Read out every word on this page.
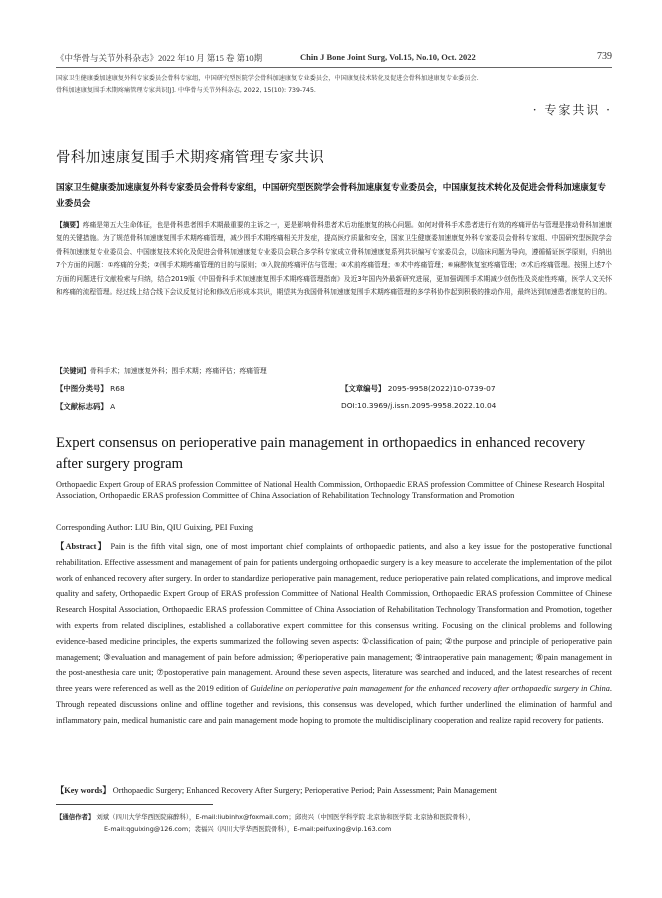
《中华骨与关节外科杂志》2022 年10 月 第15 卷 第10期	Chin J Bone Joint Surg, Vol.15, No.10, Oct. 2022	739
国家卫生健康委加速康复外科专家委员会骨科专家组，中国研究型医院学会骨科加速康复专业委员会，中国康复技术转化及促进会骨科加速康复专业委员会.
骨科加速康复围手术期疼痛管理专家共识[J]. 中华骨与关节外科杂志, 2022, 15(10): 739-745.
· 专家共识 ·
骨科加速康复围手术期疼痛管理专家共识
国家卫生健康委加速康复外科专家委员会骨科专家组，中国研究型医院学会骨科加速康复专业委员会，中国康复技术转化及促进会骨科加速康复专业委员会
【摘要】疼痛是第五大生命体征，也是骨科患者围手术期最重要的主诉之一，更是影响骨科患者术后功能康复的核心问题。如何对骨科手术患者进行有效的疼痛评估与管理是推动骨科加速康复的关键措施。为了规范骨科加速康复围手术期疼痛管理，减少围手术期疼痛相关并发症，提高医疗质量和安全，国家卫生健康委加速康复外科专家委员会骨科专家组、中国研究型医院学会骨科加速康复专业委员会、中国康复技术转化及促进会骨科加速康复专业委员会联合多学科专家成立骨科加速康复系列共识编写专家委员会，以临床问题为导向，遵循循证医学原则，归纳出7个方面的问题：①疼痛的分类；②围手术期疼痛管理的目的与原则；③入院前疼痛评估与管理；④术前疼痛管理；⑤术中疼痛管理；⑥麻醉恢复室疼痛管理；⑦术后疼痛管理。按照上述7个方面的问题进行文献检索与归纳，结合2019版《中国骨科手术加速康复围手术期疼痛管理指南》及近3年国内外最新研究进展，更加强调围手术期减少创伤性及炎症性疼痛，医学人文关怀和疼痛的流程管理。经过线上结合线下会议反复讨论和修改后形成本共识，期望其为我国骨科加速康复围手术期疼痛管理的多学科协作起到积极的推动作用，最终达到加速患者康复的目的。
【关键词】骨科手术；加速康复外科；围手术期；疼痛评估；疼痛管理
【中图分类号】 R68	【文章编号】 2095-9958(2022)10-0739-07
【文献标志码】 A	DOI:10.3969/j.issn.2095-9958.2022.10.04
Expert consensus on perioperative pain management in orthopaedics in enhanced recovery after surgery program
Orthopaedic Expert Group of ERAS profession Committee of National Health Commission, Orthopaedic ERAS profession Committee of Chinese Research Hospital Association, Orthopaedic ERAS profession Committee of China Association of Rehabilitation Technology Transformation and Promotion
Corresponding Author: LIU Bin, QIU Guixing, PEI Fuxing
【Abstract】 Pain is the fifth vital sign, one of most important chief complaints of orthopaedic patients, and also a key issue for the postoperative functional rehabilitation. Effective assessment and management of pain for patients undergoing orthopaedic surgery is a key measure to accelerate the implementation of the pilot work of enhanced recovery after surgery. In order to standardize perioperative pain management, reduce perioperative pain related complications, and improve medical quality and safety, Orthopaedic Expert Group of ERAS profession Committee of National Health Commission, Orthopaedic ERAS profession Committee of Chinese Research Hospital Association, Orthopaedic ERAS profession Committee of China Association of Rehabilitation Technology Transformation and Promotion, together with experts from related disciplines, established a collaborative expert committee for this consensus writing. Focusing on the clinical problems and following evidence-based medicine principles, the experts summarized the following seven aspects: ①classification of pain; ②the purpose and principle of perioperative pain management; ③evaluation and management of pain before admission; ④perioperative pain management; ⑤intraoperative pain management; ⑥pain management in the post-anesthesia care unit; ⑦postoperative pain management. Around these seven aspects, literature was searched and induced, and the latest researches of recent three years were referenced as well as the 2019 edition of Guideline on perioperative pain management for the enhanced recovery after orthopaedic surgery in China. Through repeated discussions online and offline together and revisions, this consensus was developed, which further underlined the elimination of harmful and inflammatory pain, medical humanistic care and pain management mode hoping to promote the multidisciplinary cooperation and realize rapid recovery for patients.
【Key words】 Orthopaedic Surgery; Enhanced Recovery After Surgery; Perioperative Period; Pain Assessment; Pain Management
【通信作者】 刘斌（四川大学华西医院麻醉科），E-mail:liubinhx@foxmail.com；邱贵兴（中国医学科学院 北京协和医学院 北京协和医院骨科），
E-mail:qguixing@126.com；裴福兴（四川大学华西医院骨科），E-mail:peifuxing@vip.163.com
